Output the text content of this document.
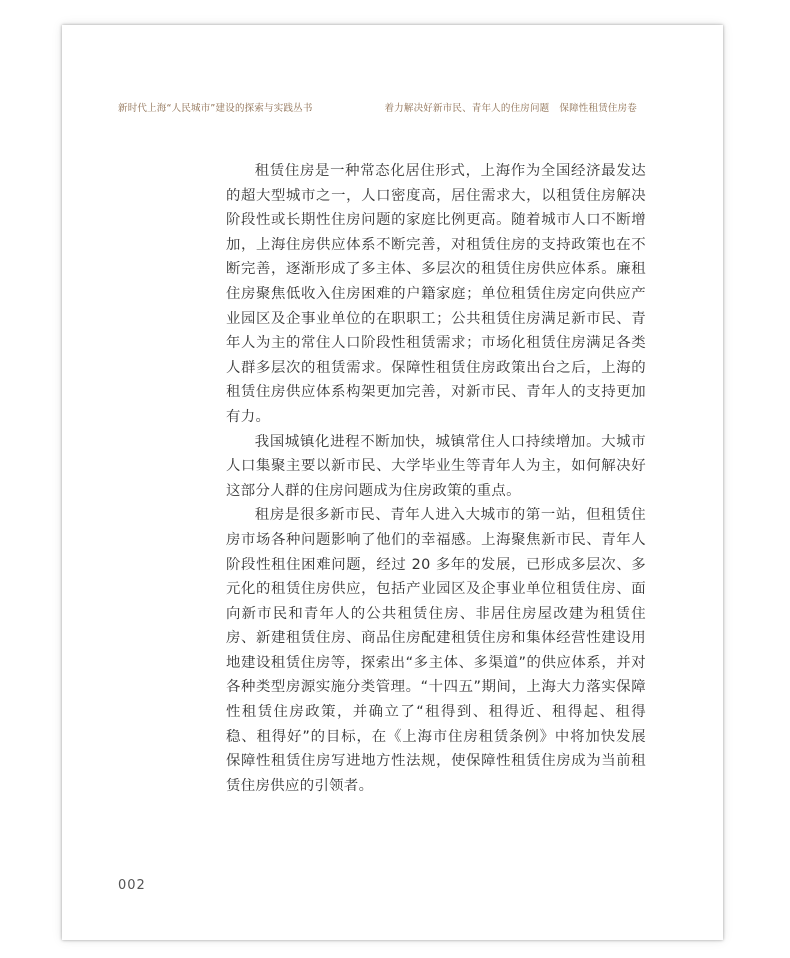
新时代上海“人民城市”建设的探索与实践丛书	着力解决好新市民、青年人的住房问题 保障性租赁住房卷

租赁住房是一种常态化居住形式，上海作为全国经济最发达的超大型城市之一，人口密度高，居住需求大，以租赁住房解决阶段性或长期性住房问题的家庭比例更高。随着城市人口不断增加，上海住房供应体系不断完善，对租赁住房的支持政策也在不断完善，逐渐形成了多主体、多层次的租赁住房供应体系。廉租住房聚焦低收入住房困难的户籍家庭；单位租赁住房定向供应产业园区及企事业单位的在职职工；公共租赁住房满足新市民、青年人为主的常住人口阶段性租赁需求；市场化租赁住房满足各类人群多层次的租赁需求。保障性租赁住房政策出台之后，上海的租赁住房供应体系构架更加完善，对新市民、青年人的支持更加有力。

我国城镇化进程不断加快，城镇常住人口持续增加。大城市人口集聚主要以新市民、大学毕业生等青年人为主，如何解决好这部分人群的住房问题成为住房政策的重点。

租房是很多新市民、青年人进入大城市的第一站，但租赁住房市场各种问题影响了他们的幸福感。上海聚焦新市民、青年人阶段性租住困难问题，经过 20 多年的发展，已形成多层次、多元化的租赁住房供应，包括产业园区及企事业单位租赁住房、面向新市民和青年人的公共租赁住房、非居住房屋改建为租赁住房、新建租赁住房、商品住房配建租赁住房和集体经营性建设用地建设租赁住房等，探索出“多主体、多渠道”的供应体系，并对各种类型房源实施分类管理。“十四五”期间，上海大力落实保障性租赁住房政策，并确立了“租得到、租得近、租得起、租得稳、租得好”的目标，在《上海市住房租赁条例》中将加快发展保障性租赁住房写进地方性法规，使保障性租赁住房成为当前租赁住房供应的引领者。

002
